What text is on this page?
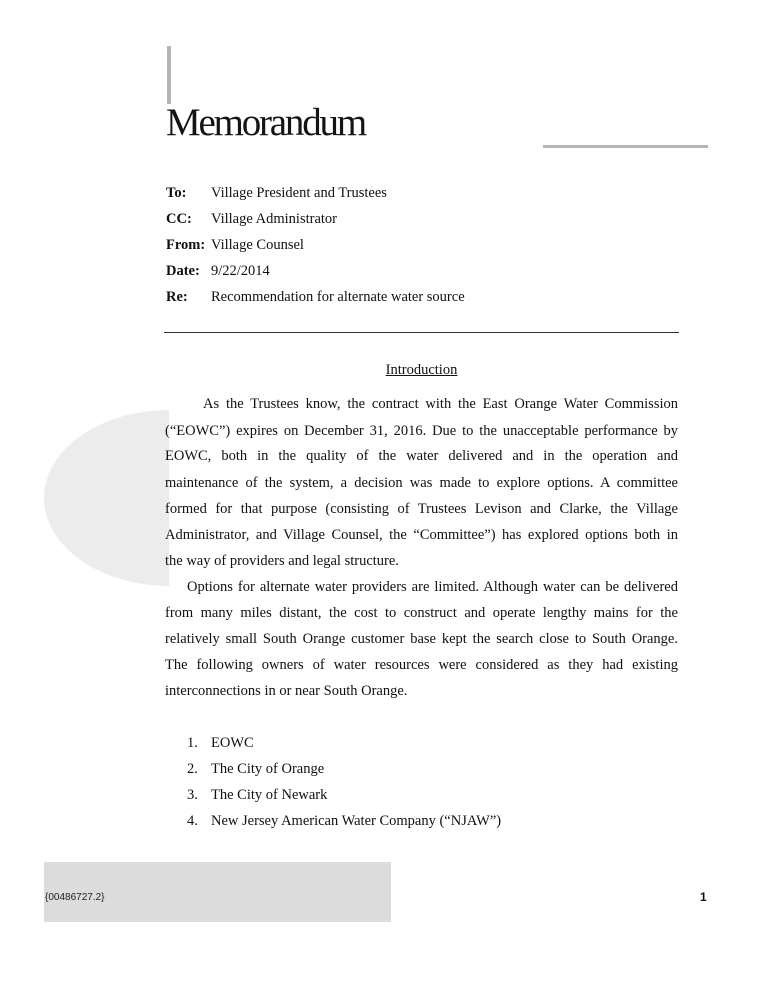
Memorandum
To: Village President and Trustees
CC: Village Administrator
From: Village Counsel
Date: 9/22/2014
Re: Recommendation for alternate water source
Introduction
As the Trustees know, the contract with the East Orange Water Commission
(“EOWC”) expires on December 31, 2016. Due to the unacceptable performance by
EOWC, both in the quality of the water delivered and in the operation and
maintenance of the system, a decision was made to explore options. A committee
formed for that purpose (consisting of Trustees Levison and Clarke, the Village
Administrator, and Village Counsel, the “Committee”) has explored options both in
the way of providers and legal structure.
Options for alternate water providers are limited. Although water can be delivered
from many miles distant, the cost to construct and operate lengthy mains for the
relatively small South Orange customer base kept the search close to South Orange.
The following owners of water resources were considered as they had existing
interconnections in or near South Orange.
1. EOWC
2. The City of Orange
3. The City of Newark
4. New Jersey American Water Company (“NJAW”)
{00486727.2}	1
